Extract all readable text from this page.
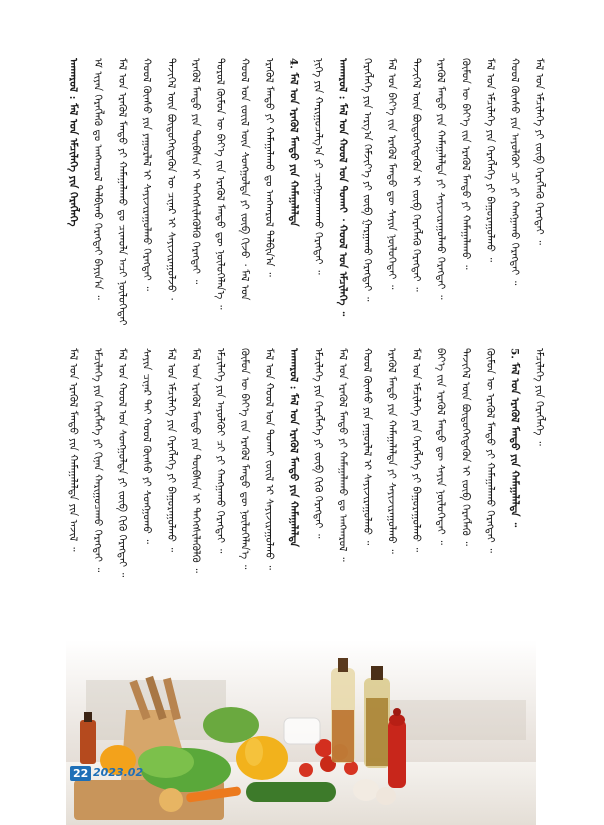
ᠠᠨᠬᠠᠷᠤᠯ : ᠮᠠᠯ ᠤᠨ ᠡᠮᠴᠢᠯᠡᠭᠡ ᠶᠢᠨ ᠬᠡᠷᠡᠭᠯᠡᠭᠡ ᠡᠮ ᠢᠶᠡᠨ ᠬᠡᠷᠡᠭᠯᠡᠬᠦ ᠳᠤ ᠠᠩᠬᠠᠷᠤᠯ ᠲᠠᠯᠪᠢᠬᠤ ᠬᠡᠷᠡᠭᠲᠡᠢ ᠪᠠᠶᠢᠨ᠎ᠠ ᠃ ᠮᠠᠯ ᠤᠨ ᠡᠷᠡᠭᠦᠯ ᠮᠡᠨᠳᠦ ᠶᠢ ᠬᠠᠮᠠᠭᠠᠯᠠᠬᠤ ᠳᠤ ᠴᠢᠬᠤᠯᠠ ᠠᠴᠢ ᠨᠦᠯᠦᠭᠡᠲᠡᠢ ᠬᠣᠣᠯ ᠬᠦᠨᠰᠦ ᠶᠢᠨ ᠶᠠᠭᠤᠷᠯᠠᠯ ᠢ ᠰᠠᠶᠢᠵᠢᠷᠠᠭᠤᠯᠬᠤ ᠬᠡᠷᠡᠭᠲᠡᠢ ᠃ ᠲᠡᠵᠢᠭᠡᠯ ᠦᠨ ᠪᠦᠲᠦᠭᠡᠭᠳᠡᠬᠦᠨ ᠦ ᠴᠢᠨᠠᠷ ᠢ ᠰᠠᠶᠢᠵᠢᠷᠠᠭᠤᠯᠵᠤ ᠂ ᠡᠷᠡᠭᠦᠯ ᠮᠡᠨᠳᠦ ᠶᠢᠨ ᠲᠦᠪᠰᠢᠨ ᠢ ᠳᠡᠭᠡᠭᠰᠢᠯᠡᠭᠦᠯᠬᠦ ᠬᠡᠷᠡᠭᠲᠡᠢ ᠃ ᠲᠤᠷᠤᠯ ᠬᠦᠮᠦᠨ ᠦ ᠪᠡᠶ᠎ᠡ ᠵᠢᠨ ᠡᠷᠡᠭᠦᠯ ᠮᠡᠨᠳᠦ ᠳᠦ ᠨᠦᠯᠦᠭᠡᠯᠡᠨ᠎ᠡ ᠃ ᠬᠣᠣᠯ ᠤᠨ ᠵᠦᠢᠯ ᠦᠨ ᠰᠣᠩᠭᠣᠯᠲᠠ ᠶᠢ ᠵᠦᠪ ᠬᠢᠵᠦ ᠂ ᠮᠠᠯ ᠤᠨ ᠡᠷᠡᠭᠦᠯ ᠮᠡᠨᠳᠦ ᠶᠢ ᠬᠠᠮᠠᠭᠠᠯᠠᠬᠤ ᠳᠤ ᠠᠩᠬᠠᠷᠤᠯ ᠲᠠᠯᠪᠢᠨ᠎ᠠ ᠃ 4. ᠮᠠᠯ ᠤᠨ ᠡᠷᠡᠭᠦᠯ ᠮᠡᠨᠳᠦ ᠶᠢᠨ ᠬᠠᠮᠠᠭᠠᠯᠠᠯᠲᠠ ᠨᠢᠭᠡ ᠶᠢᠨ ᠬᠠᠷᠢᠭᠤᠴᠠᠯᠭ᠎ᠠ ᠶᠢ ᠴᠢᠩᠭᠠᠳᠬᠠᠬᠤ ᠬᠡᠷᠡᠭᠲᠡᠢ ᠃ ᠠᠨᠬᠠᠷᠤᠯ : ᠮᠠᠯ ᠤᠨ ᠬᠣᠣᠯ ᠤᠨ ᠲᠤᠬᠠᠢ ᠂ ᠬᠣᠣᠯ ᠤᠨ ᠡᠮᠴᠢᠯᠡᠭᠡ ᠃ ᠬᠡᠷᠡᠭᠯᠡᠭᠡ ᠶᠢᠨ ᠠᠷᠭ᠎ᠠ ᠬᠡᠮᠵᠢᠶ᠎ᠡ ᠶᠢ ᠵᠦᠪ ᠭᠠᠷᠭᠠᠬᠤ ᠬᠡᠷᠡᠭᠲᠡᠢ ᠃ ᠮᠠᠯ ᠤᠨ ᠪᠡᠶ᠎ᠡ ᠵᠢᠨ ᠡᠷᠡᠭᠦᠯ ᠮᠡᠨᠳᠦ ᠳᠦ ᠰᠠᠶᠢᠨ ᠨᠦᠯᠦᠭᠡᠲᠡᠢ ᠃ ᠲᠡᠵᠢᠭᠡᠯ ᠦᠨ ᠪᠦᠲᠦᠭᠡᠭᠳᠡᠬᠦᠨ ᠢ ᠵᠦᠪ ᠬᠡᠷᠡᠭᠯᠡᠬᠦ ᠬᠡᠷᠡᠭᠲᠡᠢ ᠃ ᠡᠷᠡᠭᠦᠯ ᠮᠡᠨᠳᠦ ᠶᠢᠨ ᠬᠠᠮᠠᠭᠠᠯᠠᠯᠲᠠ ᠶᠢ ᠰᠠᠶᠢᠵᠢᠷᠠᠭᠤᠯᠬᠤ ᠬᠡᠷᠡᠭᠲᠡᠢ ᠃ ᠬᠦᠮᠦᠨ ᠦ ᠪᠡᠶ᠎ᠡ ᠵᠢᠨ ᠡᠷᠡᠭᠦᠯ ᠮᠡᠨᠳᠦ ᠶᠢ ᠬᠠᠮᠠᠭᠠᠯᠠᠬᠤ ᠃ ᠮᠠᠯ ᠤᠨ ᠡᠮᠴᠢᠯᠡᠭᠡ ᠶᠢᠨ ᠬᠡᠷᠡᠭᠯᠡᠭᠡ ᠶᠢ ᠪᠠᠭᠤᠷᠠᠭᠤᠯᠬᠤ ᠃ ᠬᠣᠣᠯ ᠬᠦᠨᠰᠦ ᠶᠢᠨ ᠠᠶᠤᠯᠭᠦᠢ ᠴᠢ ᠶᠢ ᠬᠠᠩᠭᠠᠬᠤ ᠬᠡᠷᠡᠭᠲᠡᠢ ᠃ ᠮᠠᠯ ᠤᠨ ᠡᠮᠴᠢᠯᠡᠭᠡ ᠶᠢ ᠵᠦᠪ ᠬᠡᠷᠡᠭᠯᠡᠬᠦ ᠬᠡᠷᠡᠭᠲᠡᠢ ᠃
ᠮᠠᠯ ᠤᠨ ᠡᠷᠡᠭᠦᠯ ᠮᠡᠨᠳᠦ ᠶᠢᠨ ᠬᠠᠮᠠᠭᠠᠯᠠᠯᠲᠠ ᠶᠢᠨ ᠠᠵᠢᠯ ᠃ ᠡᠮᠴᠢᠯᠡᠭᠡ ᠶᠢᠨ ᠬᠡᠷᠡᠭᠯᠡᠭᠡ ᠶᠢ ᠬᠢᠨᠠᠨ ᠬᠠᠷᠢᠭᠤᠴᠠᠬᠤ ᠬᠡᠷᠡᠭᠲᠡᠢ ᠃ ᠮᠠᠯ ᠤᠨ ᠬᠣᠣᠯ ᠤᠨ ᠰᠣᠩᠭᠣᠯᠲᠠ ᠶᠢ ᠵᠦᠪ ᠬᠢᠬᠦ ᠬᠡᠷᠡᠭᠲᠡᠢ ᠃ ᠰᠠᠶᠢᠨ ᠴᠢᠨᠠᠷ ᠲᠠᠢ ᠬᠣᠣᠯ ᠬᠦᠨᠰᠦ ᠶᠢ ᠰᠣᠩᠭᠣᠬᠤ ᠃ ᠮᠠᠯ ᠤᠨ ᠡᠮᠴᠢᠯᠡᠭᠡ ᠶᠢᠨ ᠬᠡᠷᠡᠭᠯᠡᠭᠡ ᠶᠢ ᠪᠠᠭᠤᠷᠠᠭᠤᠯᠬᠤ ᠃ ᠮᠠᠯ ᠤᠨ ᠡᠷᠡᠭᠦᠯ ᠮᠡᠨᠳᠦ ᠶᠢᠨ ᠲᠦᠪᠰᠢᠨ ᠢ ᠳᠡᠭᠡᠭᠰᠢᠯᠡᠭᠦᠯᠬᠦ ᠃ ᠡᠮᠴᠢᠯᠡᠭᠡ ᠶᠢᠨ ᠠᠶᠤᠯᠭᠦᠢ ᠴᠢ ᠶᠢ ᠬᠠᠩᠭᠠᠬᠤ ᠬᠡᠷᠡᠭᠲᠡᠢ ᠃ ᠬᠦᠮᠦᠨ ᠦ ᠪᠡᠶ᠎ᠡ ᠵᠢᠨ ᠡᠷᠡᠭᠦᠯ ᠮᠡᠨᠳᠦ ᠳᠦ ᠨᠦᠯᠦᠭᠡᠯᠡᠨ᠎ᠡ ᠃ ᠮᠠᠯ ᠤᠨ ᠬᠣᠣᠯ ᠤᠨ ᠲᠤᠬᠠᠢ ᠵᠦᠢᠯ ᠢ ᠰᠠᠶᠢᠵᠢᠷᠠᠭᠤᠯᠬᠤ ᠃ ᠠᠨᠬᠠᠷᠤᠯ : ᠮᠠᠯ ᠤᠨ ᠡᠷᠡᠭᠦᠯ ᠮᠡᠨᠳᠦ ᠶᠢᠨ ᠬᠠᠮᠠᠭᠠᠯᠠᠯᠲᠠ ᠡᠮᠴᠢᠯᠡᠭᠡ ᠶᠢᠨ ᠬᠡᠷᠡᠭᠯᠡᠭᠡ ᠶᠢ ᠵᠦᠪ ᠬᠢᠬᠦ ᠬᠡᠷᠡᠭᠲᠡᠢ ᠃ ᠮᠠᠯ ᠤᠨ ᠡᠷᠡᠭᠦᠯ ᠮᠡᠨᠳᠦ ᠶᠢ ᠬᠠᠮᠠᠭᠠᠯᠠᠬᠤ ᠳᠤ ᠠᠩᠬᠠᠷᠤᠯ ᠃ ᠬᠣᠣᠯ ᠬᠦᠨᠰᠦ ᠶᠢᠨ ᠶᠠᠭᠤᠷᠯᠠᠯ ᠢ ᠰᠠᠶᠢᠵᠢᠷᠠᠭᠤᠯᠬᠤ ᠃ ᠡᠷᠡᠭᠦᠯ ᠮᠡᠨᠳᠦ ᠶᠢᠨ ᠬᠠᠮᠠᠭᠠᠯᠠᠯᠲᠠ ᠶᠢ ᠰᠠᠶᠢᠵᠢᠷᠠᠭᠤᠯᠬᠤ ᠃ ᠮᠠᠯ ᠤᠨ ᠡᠮᠴᠢᠯᠡᠭᠡ ᠶᠢᠨ ᠬᠡᠷᠡᠭᠯᠡᠭᠡ ᠶᠢ ᠪᠠᠭᠤᠷᠠᠭᠤᠯᠬᠤ ᠃ ᠪᠡᠶ᠎ᠡ ᠵᠢᠨ ᠡᠷᠡᠭᠦᠯ ᠮᠡᠨᠳᠦ ᠳᠦ ᠰᠠᠶᠢᠨ ᠨᠦᠯᠦᠭᠡᠲᠡᠢ ᠃ ᠲᠡᠵᠢᠭᠡᠯ ᠦᠨ ᠪᠦᠲᠦᠭᠡᠭᠳᠡᠬᠦᠨ ᠢ ᠵᠦᠪ ᠬᠡᠷᠡᠭᠯᠡᠬᠦ ᠃ ᠬᠦᠮᠦᠨ ᠦ ᠡᠷᠡᠭᠦᠯ ᠮᠡᠨᠳᠦ ᠶᠢ ᠬᠠᠮᠠᠭᠠᠯᠠᠬᠤ ᠬᠡᠷᠡᠭᠲᠡᠢ ᠃ 5. ᠮᠠᠯ ᠤᠨ ᠡᠷᠡᠭᠦᠯ ᠮᠡᠨᠳᠦ ᠶᠢᠨ ᠬᠠᠮᠠᠭᠠᠯᠠᠯᠲᠠ ᠃ ᠡᠮᠴᠢᠯᠡᠭᠡ ᠶᠢᠨ ᠬᠡᠷᠡᠭᠯᠡᠭᠡ ᠃
22 2023.02
